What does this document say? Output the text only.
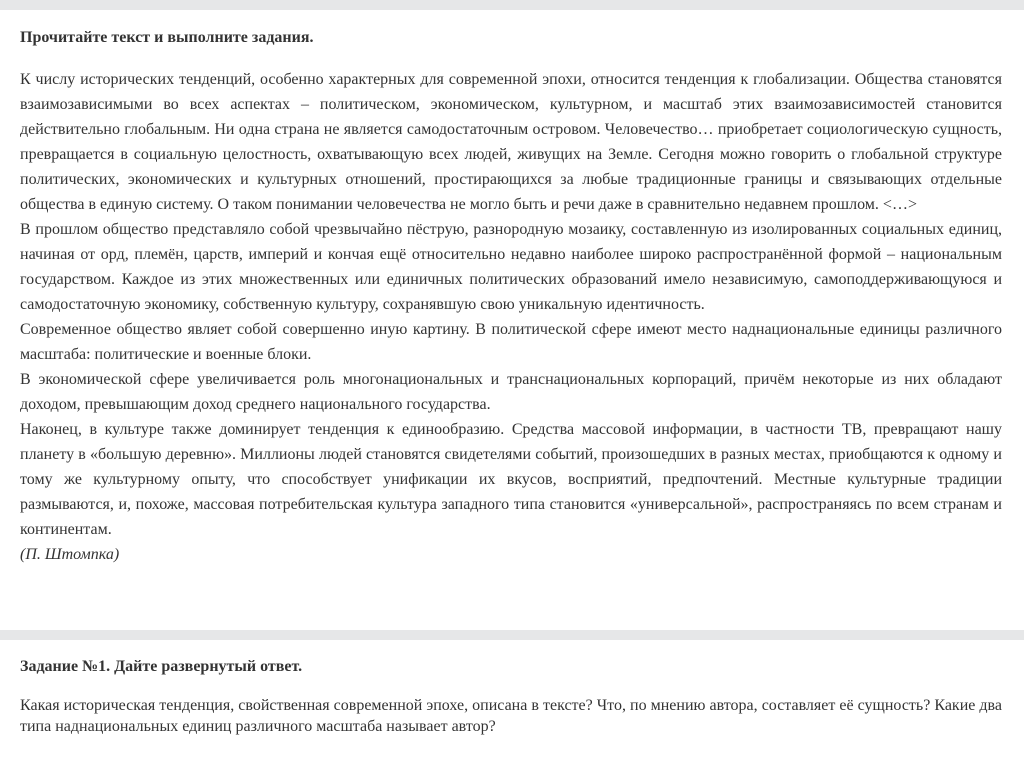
Прочитайте текст и выполните задания.

К числу исторических тенденций, особенно характерных для современной эпохи, относится тенденция к глобализации. Общества становятся взаимозависимыми во всех аспектах – политическом, экономическом, культурном, и масштаб этих взаимозависимостей становится действительно глобальным. Ни одна страна не является самодостаточным островом. Человечество… приобретает социологическую сущность, превращается в социальную целостность, охватывающую всех людей, живущих на Земле. Сегодня можно говорить о глобальной структуре политических, экономических и культурных отношений, простирающихся за любые традиционные границы и связывающих отдельные общества в единую систему. О таком понимании человечества не могло быть и речи даже в сравнительно недавнем прошлом. <…>

В прошлом общество представляло собой чрезвычайно пёструю, разнородную мозаику, составленную из изолированных социальных единиц, начиная от орд, племён, царств, империй и кончая ещё относительно недавно наиболее широко распространённой формой – национальным государством. Каждое из этих множественных или единичных политических образований имело независимую, самоподдерживающуюся и самодостаточную экономику, собственную культуру, сохранявшую свою уникальную идентичность.

Современное общество являет собой совершенно иную картину. В политической сфере имеют место наднациональные единицы различного масштаба: политические и военные блоки.

В экономической сфере увеличивается роль многонациональных и транснациональных корпораций, причём некоторые из них обладают доходом, превышающим доход среднего национального государства.

Наконец, в культуре также доминирует тенденция к единообразию. Средства массовой информации, в частности ТВ, превращают нашу планету в «большую деревню». Миллионы людей становятся свидетелями событий, произошедших в разных местах, приобщаются к одному и тому же культурному опыту, что способствует унификации их вкусов, восприятий, предпочтений. Местные культурные традиции размываются, и, похоже, массовая потребительская культура западного типа становится «универсальной», распространяясь по всем странам и континентам.

(П. Штомпка)

Задание №1. Дайте развернутый ответ.

Какая историческая тенденция, свойственная современной эпохе, описана в тексте? Что, по мнению автора, составляет её сущность? Какие два типа наднациональных единиц различного масштаба называет автор?
